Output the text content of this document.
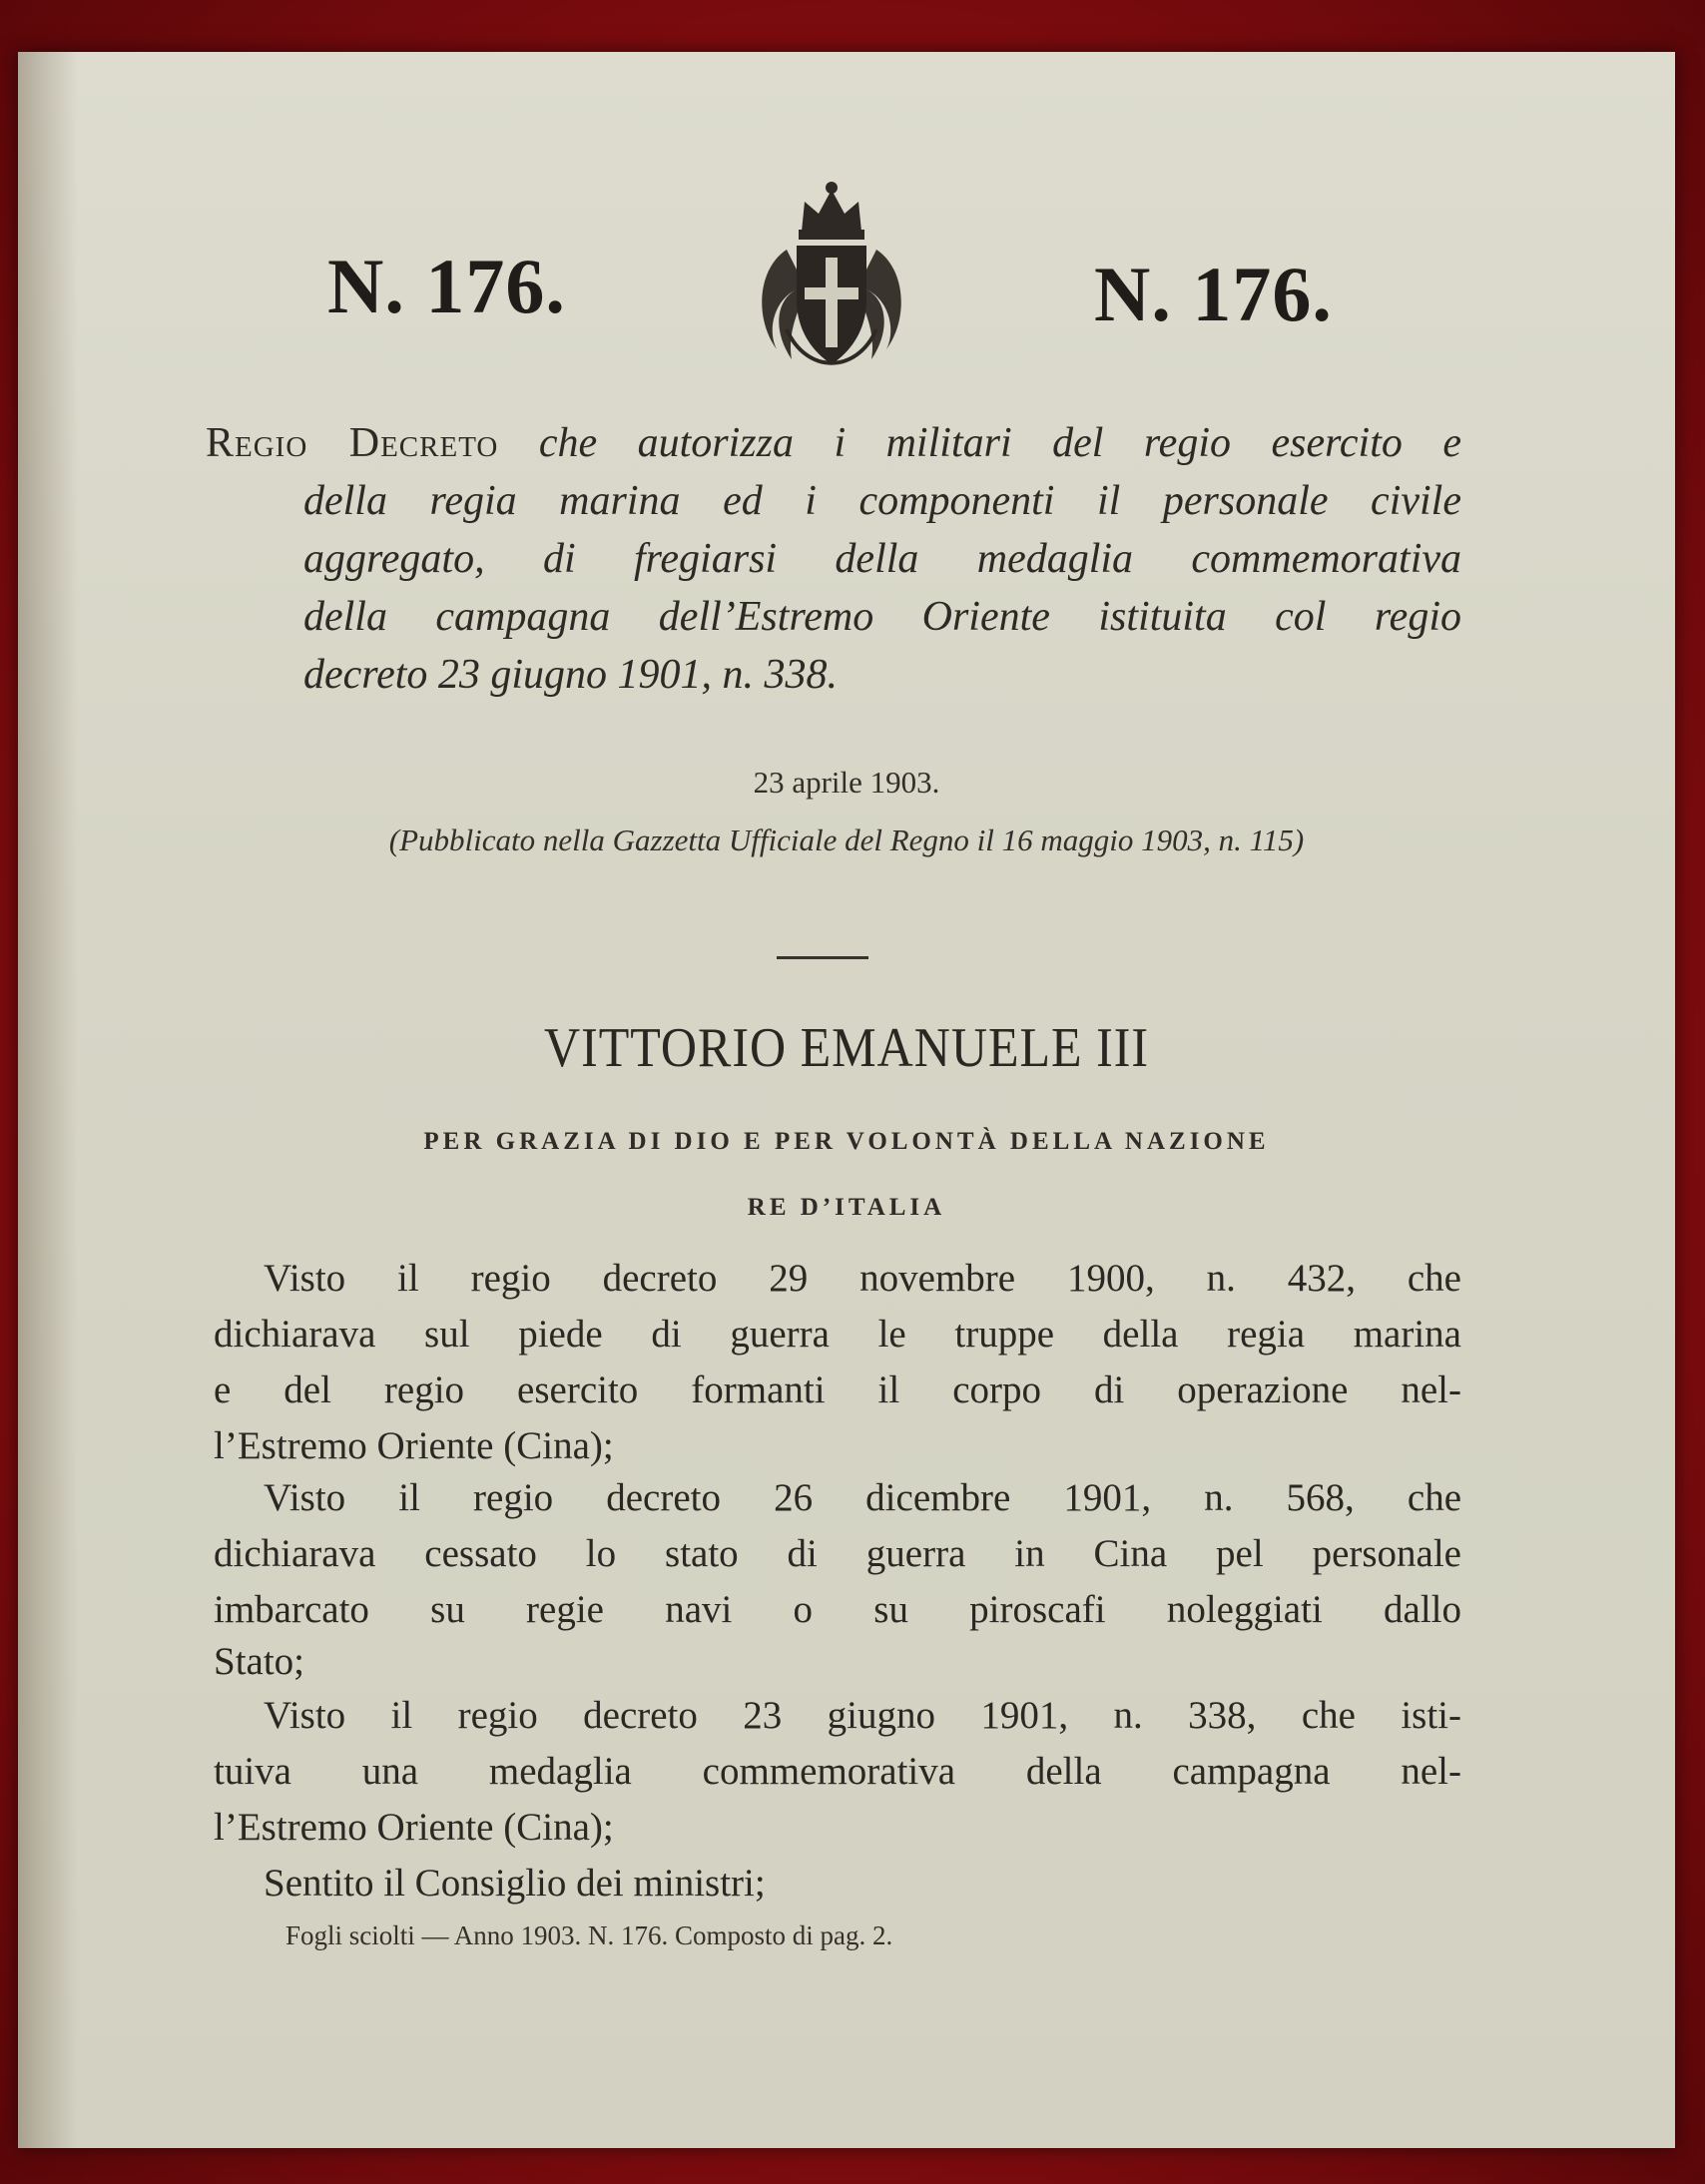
N. 176.	N. 176.
Regio Decreto che autorizza i militari del regio esercito e
della regia marina ed i componenti il personale civile
aggregato, di fregiarsi della medaglia commemorativa
della campagna dell’Estremo Oriente istituita col regio
decreto 23 giugno 1901, n. 338.
23 aprile 1903.
(Pubblicato nella Gazzetta Ufficiale del Regno il 16 maggio 1903, n. 115)
VITTORIO EMANUELE III
PER GRAZIA DI DIO E PER VOLONTÀ DELLA NAZIONE
RE D’ITALIA
Visto il regio decreto 29 novembre 1900, n. 432, che
dichiarava sul piede di guerra le truppe della regia marina
e del regio esercito formanti il corpo di operazione nel-
l’Estremo Oriente (Cina);
Visto il regio decreto 26 dicembre 1901, n. 568, che
dichiarava cessato lo stato di guerra in Cina pel personale
imbarcato su regie navi o su piroscafi noleggiati dallo
Stato;
Visto il regio decreto 23 giugno 1901, n. 338, che isti-
tuiva una medaglia commemorativa della campagna nel-
l’Estremo Oriente (Cina);
Sentito il Consiglio dei ministri;
Fogli sciolti — Anno 1903. N. 176. Composto di pag. 2.
